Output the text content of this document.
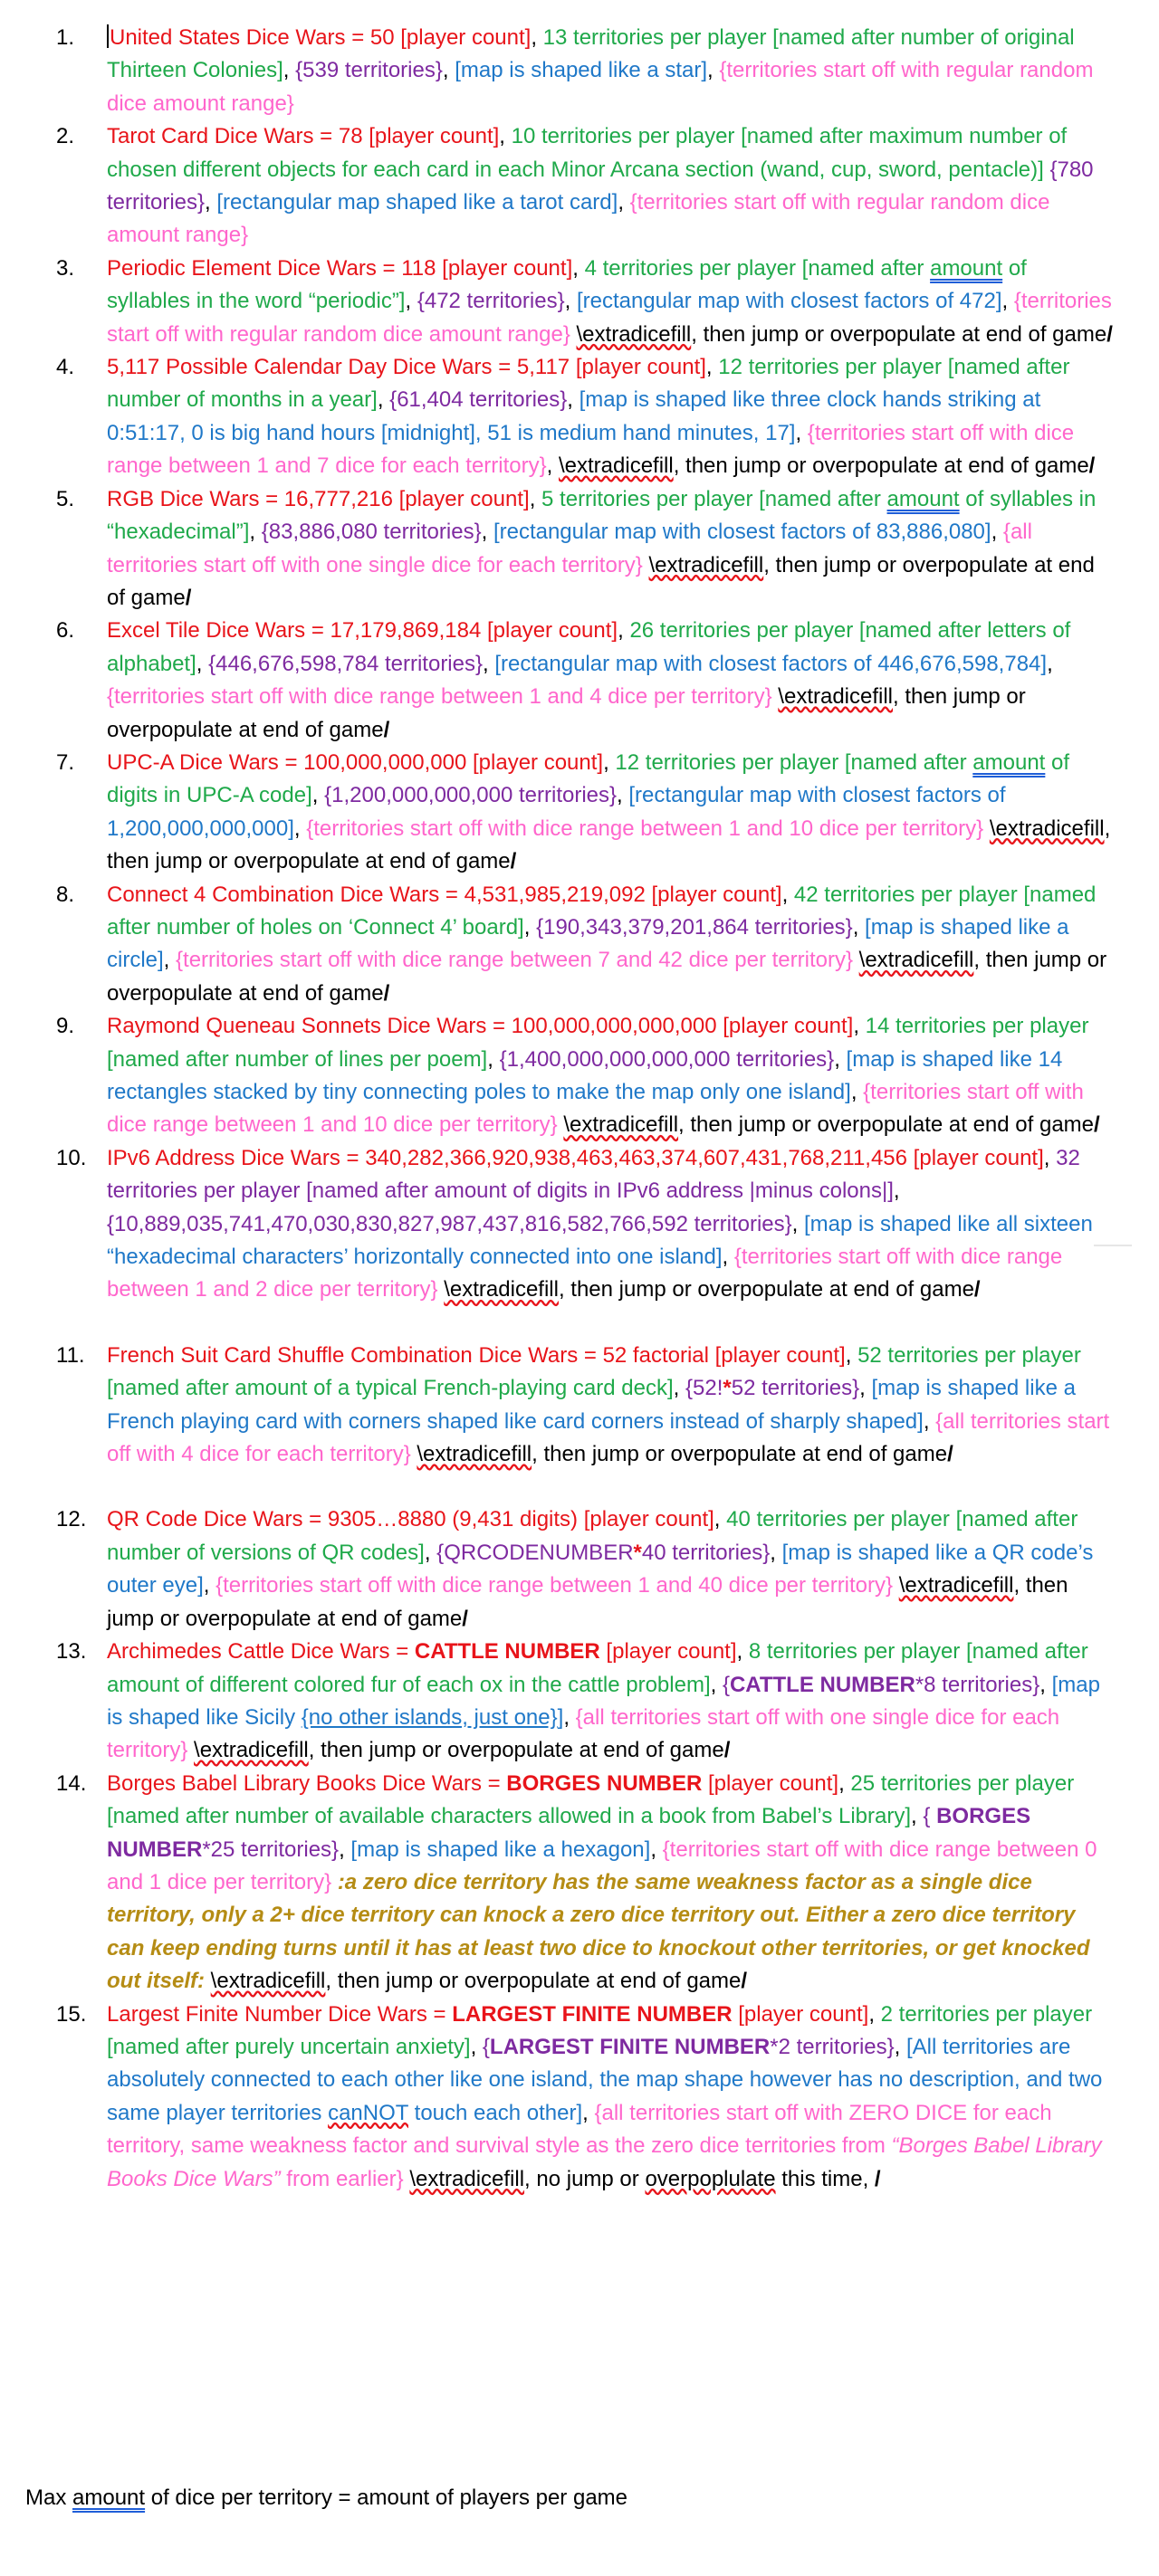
1.	United States Dice Wars = 50 [player count], 13 territories per player [named after number of original Thirteen Colonies], {539 territories}, [map is shaped like a star], {territories start off with regular random dice amount range}
2.	Tarot Card Dice Wars = 78 [player count], 10 territories per player [named after maximum number of chosen different objects for each card in each Minor Arcana section (wand, cup, sword, pentacle)] {780 territories}, [rectangular map shaped like a tarot card], {territories start off with regular random dice amount range}
3.	Periodic Element Dice Wars = 118 [player count], 4 territories per player [named after amount of syllables in the word “periodic”], {472 territories}, [rectangular map with closest factors of 472], {territories start off with regular random dice amount range} \extradicefill, then jump or overpopulate at end of game/
4.	5,117 Possible Calendar Day Dice Wars = 5,117 [player count], 12 territories per player [named after number of months in a year], {61,404 territories}, [map is shaped like three clock hands striking at 0:51:17, 0 is big hand hours [midnight], 51 is medium hand minutes, 17], {territories start off with dice range between 1 and 7 dice for each territory}, \extradicefill, then jump or overpopulate at end of game/
5.	RGB Dice Wars = 16,777,216 [player count], 5 territories per player [named after amount of syllables in “hexadecimal”], {83,886,080 territories}, [rectangular map with closest factors of 83,886,080], {all territories start off with one single dice for each territory} \extradicefill, then jump or overpopulate at end of game/
6.	Excel Tile Dice Wars = 17,179,869,184 [player count], 26 territories per player [named after letters of alphabet], {446,676,598,784 territories}, [rectangular map with closest factors of 446,676,598,784], {territories start off with dice range between 1 and 4 dice per territory} \extradicefill, then jump or overpopulate at end of game/
7.	UPC-A Dice Wars = 100,000,000,000 [player count], 12 territories per player [named after amount of digits in UPC-A code], {1,200,000,000,000 territories}, [rectangular map with closest factors of 1,200,000,000,000], {territories start off with dice range between 1 and 10 dice per territory} \extradicefill, then jump or overpopulate at end of game/
8.	Connect 4 Combination Dice Wars = 4,531,985,219,092 [player count], 42 territories per player [named after number of holes on ‘Connect 4’ board], {190,343,379,201,864 territories}, [map is shaped like a circle], {territories start off with dice range between 7 and 42 dice per territory} \extradicefill, then jump or overpopulate at end of game/
9.	Raymond Queneau Sonnets Dice Wars = 100,000,000,000,000 [player count], 14 territories per player [named after number of lines per poem], {1,400,000,000,000,000 territories}, [map is shaped like 14 rectangles stacked by tiny connecting poles to make the map only one island], {territories start off with dice range between 1 and 10 dice per territory} \extradicefill, then jump or overpopulate at end of game/
10. IPv6 Address Dice Wars = 340,282,366,920,938,463,463,374,607,431,768,211,456 [player count], 32 territories per player [named after amount of digits in IPv6 address |minus colons|], {10,889,035,741,470,030,830,827,987,437,816,582,766,592 territories}, [map is shaped like all sixteen “hexadecimal characters’ horizontally connected into one island], {territories start off with dice range between 1 and 2 dice per territory} \extradicefill, then jump or overpopulate at end of game/
11.	French Suit Card Shuffle Combination Dice Wars = 52 factorial [player count], 52 territories per player [named after amount of a typical French-playing card deck], {52!*52 territories}, [map is shaped like a French playing card with corners shaped like card corners instead of sharply shaped], {all territories start off with 4 dice for each territory} \extradicefill, then jump or overpopulate at end of game/
12. QR Code Dice Wars = 9305…8880 (9,431 digits) [player count], 40 territories per player [named after number of versions of QR codes], {QRCODENUMBER*40 territories}, [map is shaped like a QR code’s outer eye], {territories start off with dice range between 1 and 40 dice per territory} \extradicefill, then jump or overpopulate at end of game/
13. Archimedes Cattle Dice Wars = CATTLE NUMBER [player count], 8 territories per player [named after amount of different colored fur of each ox in the cattle problem], {CATTLE NUMBER*8 territories}, [map is shaped like Sicily {no other islands, just one}], {all territories start off with one single dice for each territory} \extradicefill, then jump or overpopulate at end of game/
14. Borges Babel Library Books Dice Wars = BORGES NUMBER [player count], 25 territories per player [named after number of available characters allowed in a book from Babel’s Library], { BORGES NUMBER*25 territories}, [map is shaped like a hexagon], {territories start off with dice range between 0 and 1 dice per territory} :a zero dice territory has the same weakness factor as a single dice territory, only a 2+ dice territory can knock a zero dice territory out. Either a zero dice territory can keep ending turns until it has at least two dice to knockout other territories, or get knocked out itself: \extradicefill, then jump or overpopulate at end of game/
15. Largest Finite Number Dice Wars = LARGEST FINITE NUMBER [player count], 2 territories per player [named after purely uncertain anxiety], {LARGEST FINITE NUMBER*2 territories}, [All territories are absolutely connected to each other like one island, the map shape however has no description, and two same player territories canNOT touch each other], {all territories start off with ZERO DICE for each territory, same weakness factor and survival style as the zero dice territories from “Borges Babel Library Books Dice Wars” from earlier} \extradicefill, no jump or overpoplulate this time, /
Max amount of dice per territory = amount of players per game
